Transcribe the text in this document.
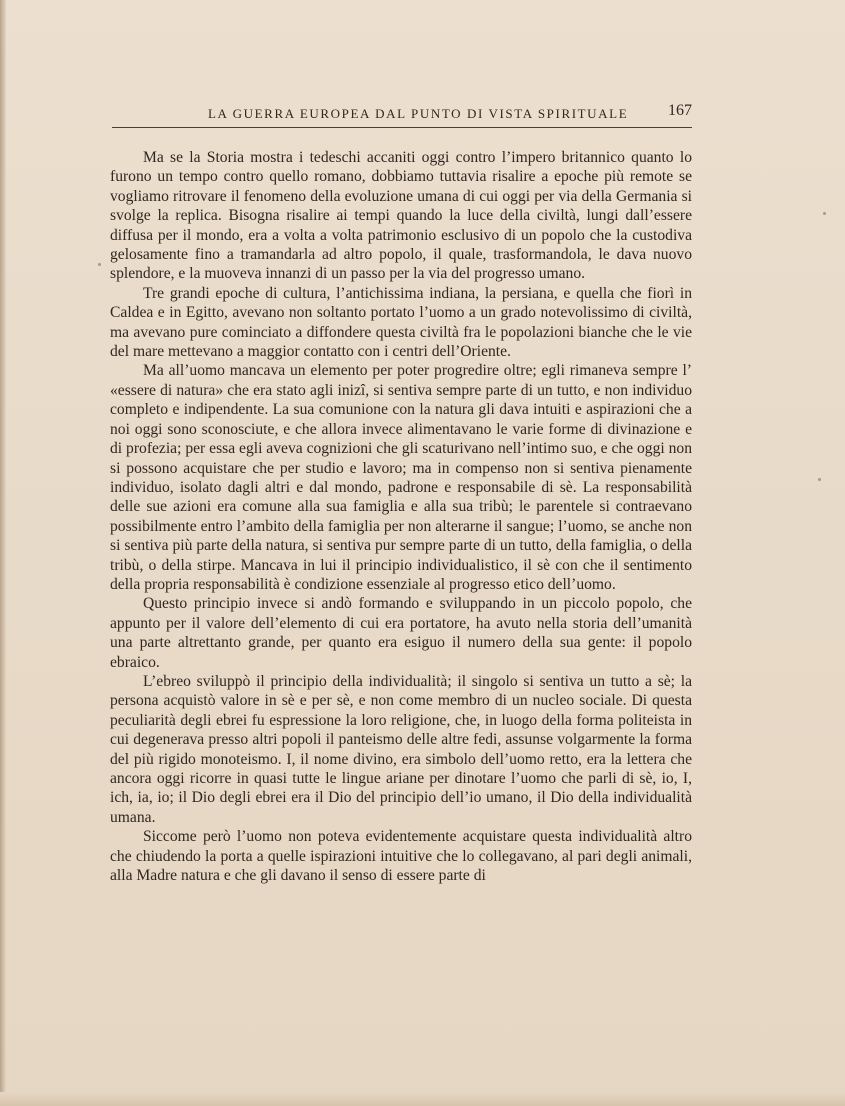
LA GUERRA EUROPEA DAL PUNTO DI VISTA SPIRITUALE 167

Ma se la Storia mostra i tedeschi accaniti oggi contro l’impero britannico quanto lo furono un tempo contro quello romano, dobbiamo tuttavia risalire a epoche più remote se vogliamo ritrovare il fenomeno della evoluzione umana di cui oggi per via della Germania si svolge la replica. Bisogna risalire ai tempi quando la luce della civiltà, lungi dall’essere diffusa per il mondo, era a volta a volta patrimonio esclusivo di un popolo che la custodiva gelosamente fino a tramandarla ad altro popolo, il quale, trasformandola, le dava nuovo splendore, e la muoveva innanzi di un passo per la via del progresso umano.

Tre grandi epoche di cultura, l’antichissima indiana, la persiana, e quella che fiorì in Caldea e in Egitto, avevano non soltanto portato l’uomo a un grado notevolissimo di civiltà, ma avevano pure cominciato a diffondere questa civiltà fra le popolazioni bianche che le vie del mare mettevano a maggior contatto con i centri dell’Oriente.

Ma all’uomo mancava un elemento per poter progredire oltre; egli rimaneva sempre l’ «essere di natura» che era stato agli inizî, si sentiva sempre parte di un tutto, e non individuo completo e indipendente. La sua comunione con la natura gli dava intuiti e aspirazioni che a noi oggi sono sconosciute, e che allora invece alimentavano le varie forme di divinazione e di profezia; per essa egli aveva cognizioni che gli scaturivano nell’intimo suo, e che oggi non si possono acquistare che per studio e lavoro; ma in compenso non si sentiva pienamente individuo, isolato dagli altri e dal mondo, padrone e responsabile di sè. La responsabilità delle sue azioni era comune alla sua famiglia e alla sua tribù; le parentele si contraevano possibilmente entro l’ambito della famiglia per non alterarne il sangue; l’uomo, se anche non si sentiva più parte della natura, si sentiva pur sempre parte di un tutto, della famiglia, o della tribù, o della stirpe. Mancava in lui il principio individualistico, il sè con che il sentimento della propria responsabilità è condizione essenziale al progresso etico dell’uomo.

Questo principio invece si andò formando e sviluppando in un piccolo popolo, che appunto per il valore dell’elemento di cui era portatore, ha avuto nella storia dell’umanità una parte altrettanto grande, per quanto era esiguo il numero della sua gente: il popolo ebraico.

L’ebreo sviluppò il principio della individualità; il singolo si sentiva un tutto a sè; la persona acquistò valore in sè e per sè, e non come membro di un nucleo sociale. Di questa peculiarità degli ebrei fu espressione la loro religione, che, in luogo della forma politeista in cui degenerava presso altri popoli il panteismo delle altre fedi, assunse volgarmente la forma del più rigido monoteismo. I, il nome divino, era simbolo dell’uomo retto, era la lettera che ancora oggi ricorre in quasi tutte le lingue ariane per dinotare l’uomo che parli di sè, io, I, ich, ia, io; il Dio degli ebrei era il Dio del principio dell’io umano, il Dio della individualità umana.

Siccome però l’uomo non poteva evidentemente acquistare questa individualità altro che chiudendo la porta a quelle ispirazioni intuitive che lo collegavano, al pari degli animali, alla Madre natura e che gli davano il senso di essere parte di
